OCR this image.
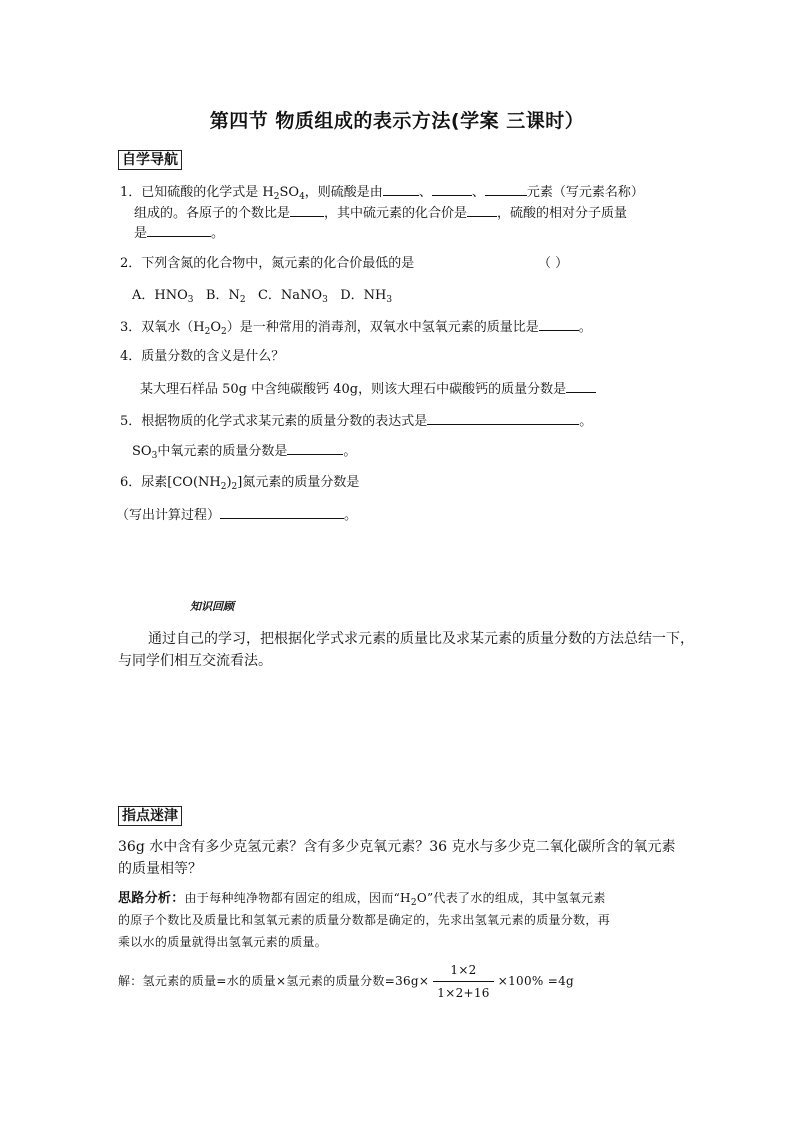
第四节 物质组成的表示方法(学案 三课时）
自学导航
1．已知硫酸的化学式是 $H_2SO_4$，则硫酸是由	、	、	元素（写元素名称）
组成的。各原子的个数比是	，其中硫元素的化合价是 ，硫酸的相对分子质量
是	。
2．下列含氮的化合物中，氮元素的化合价最低的是	（ ）
A．$HNO_3$ B．$N_2$ C．NaNO$_3$ D．$NH_3$
3．双氧水$(H_2O_2)$是一种常用的消毒剂，双氧水中氢氧元素的质量比是	。
4．质量分数的含义是什么？
某大理石样品 50g 中含纯碳酸钙 40g，则该大理石中碳酸钙的质量分数是
5．根据物质的化学式求某元素的质量分数的表达式是	。
$SO_3$中氧元素的质量分数是	。
6．尿素$[CO(NH_2)_2]$氮元素的质量分数是
（写出计算过程）	。
知识回顾
通过自己的学习，把根据化学式求元素的质量比及求某元素的质量分数的方法总结一下，
与同学们相互交流看法。
指点迷津
36g 水中含有多少克氢元素？含有多少克氧元素？36 克水与多少克二氧化碳所含的氧元素
的质量相等？
思路分析：由于每种纯净物都有固定的组成，因而“$H_2O$”代表了水的组成，其中氢氧元素
的原子个数比及质量比和氢氧元素的质量分数都是确定的，先求出氢氧元素的质量分数，再
乘以水的质量就得出氢氧元素的质量。
解：氢元素的质量=水的质量×氢元素的质量分数$=36g\times \frac{1\times 2}{1\times 2+16} \times 100\% =4g$
